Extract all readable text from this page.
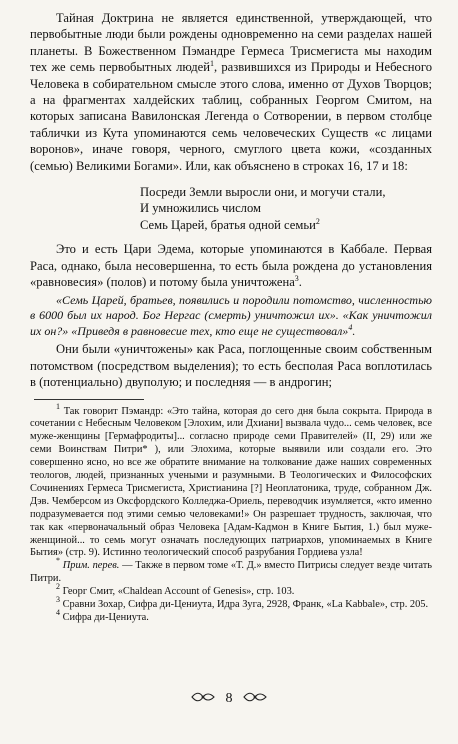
Тайная Доктрина не является единственной, утверждающей, что первобытные люди были рождены одновременно на семи разделах нашей планеты. В Божественном Пэмандре Гермеса Трисмегиста мы находим тех же семь первобытных людей$^1$, развившихся из Природы и Небесного Человека в собирательном смысле этого слова, именно от Духов Творцов; а на фрагментах халдейских таблиц, собранных Георгом Смитом, на которых записана Вавилонская Легенда о Сотворении, в первом столбце таблички из Кута упоминаются семь человеческих Существ «с лицами воронов», иначе говоря, черного, смуглого цвета кожи, «созданных (семью) Великими Богами». Или, как объяснено в строках 16, 17 и 18:

Посреди Земли выросли они, и могучи стали,
И умножились числом
Семь Царей, братья одной семьи$^2$

Это и есть Цари Эдема, которые упоминаются в Каббале. Первая Раса, однако, была несовершенна, то есть была рождена до установления «равновесия» (полов) и потому была уничтожена$^3$.

«Семь Царей, братьев, появились и породили потомство, численностью в 6000 был их народ. Бог Нергас (смерть) уничтожил их». «Как уничтожил их он?» «Приведя в равновесие тех, кто еще не существовал»$^4$.

Они были «уничтожены» как Раса, поглощенные своим собственным потомством (посредством выделения); то есть бесполая Раса воплотилась в (потенциально) двуполую; и последняя — в андрогин;

$^1$ Так говорит Пэмандр: «Это тайна, которая до сего дня была сокрыта. Природа в сочетании с Небесным Человеком [Элохим, или Дхиани] вызвала чудо... семь человек, все муже-женщины [Гермафродиты]... согласно природе семи Правителей» (II, 29) или же семи Воинствам Питри* ), или Элохима, которые выявили или создали его. Это совершенно ясно, но все же обратите внимание на толкование даже наших современных теологов, людей, признанных учеными и разумными. В Теологических и Философских Сочинениях Гермеса Трисмегиста, Христианина [?] Неоплатоника, труде, собранном Дж. Дэв. Чемберсом из Оксфордского Колледжа-Ориель, переводчик изумляется, «кто именно подразумевается под этими семью человеками!» Он разрешает трудность, заключая, что так как «первоначальный образ Человека [Адам-Кадмон в Книге Бытия, 1.) был муже-женщиной... то семь могут означать последующих патриархов, упоминаемых в Книге Бытия» (стр. 9). Истинно теологический способ разрубания Гордиева узла!

* Прим. перев. — Также в первом томе «Т. Д.» вместо Питрисы следует везде читать Питри.

$^2$ Георг Смит, «Chaldean Account of Genesis», стр. 103.

$^3$ Сравни Зохар, Сифра ди-Цениута, Идра Зуга, 2928, Франк, «La Kabbale», стр. 205.

$^4$ Сифра ди-Цениута.

8
